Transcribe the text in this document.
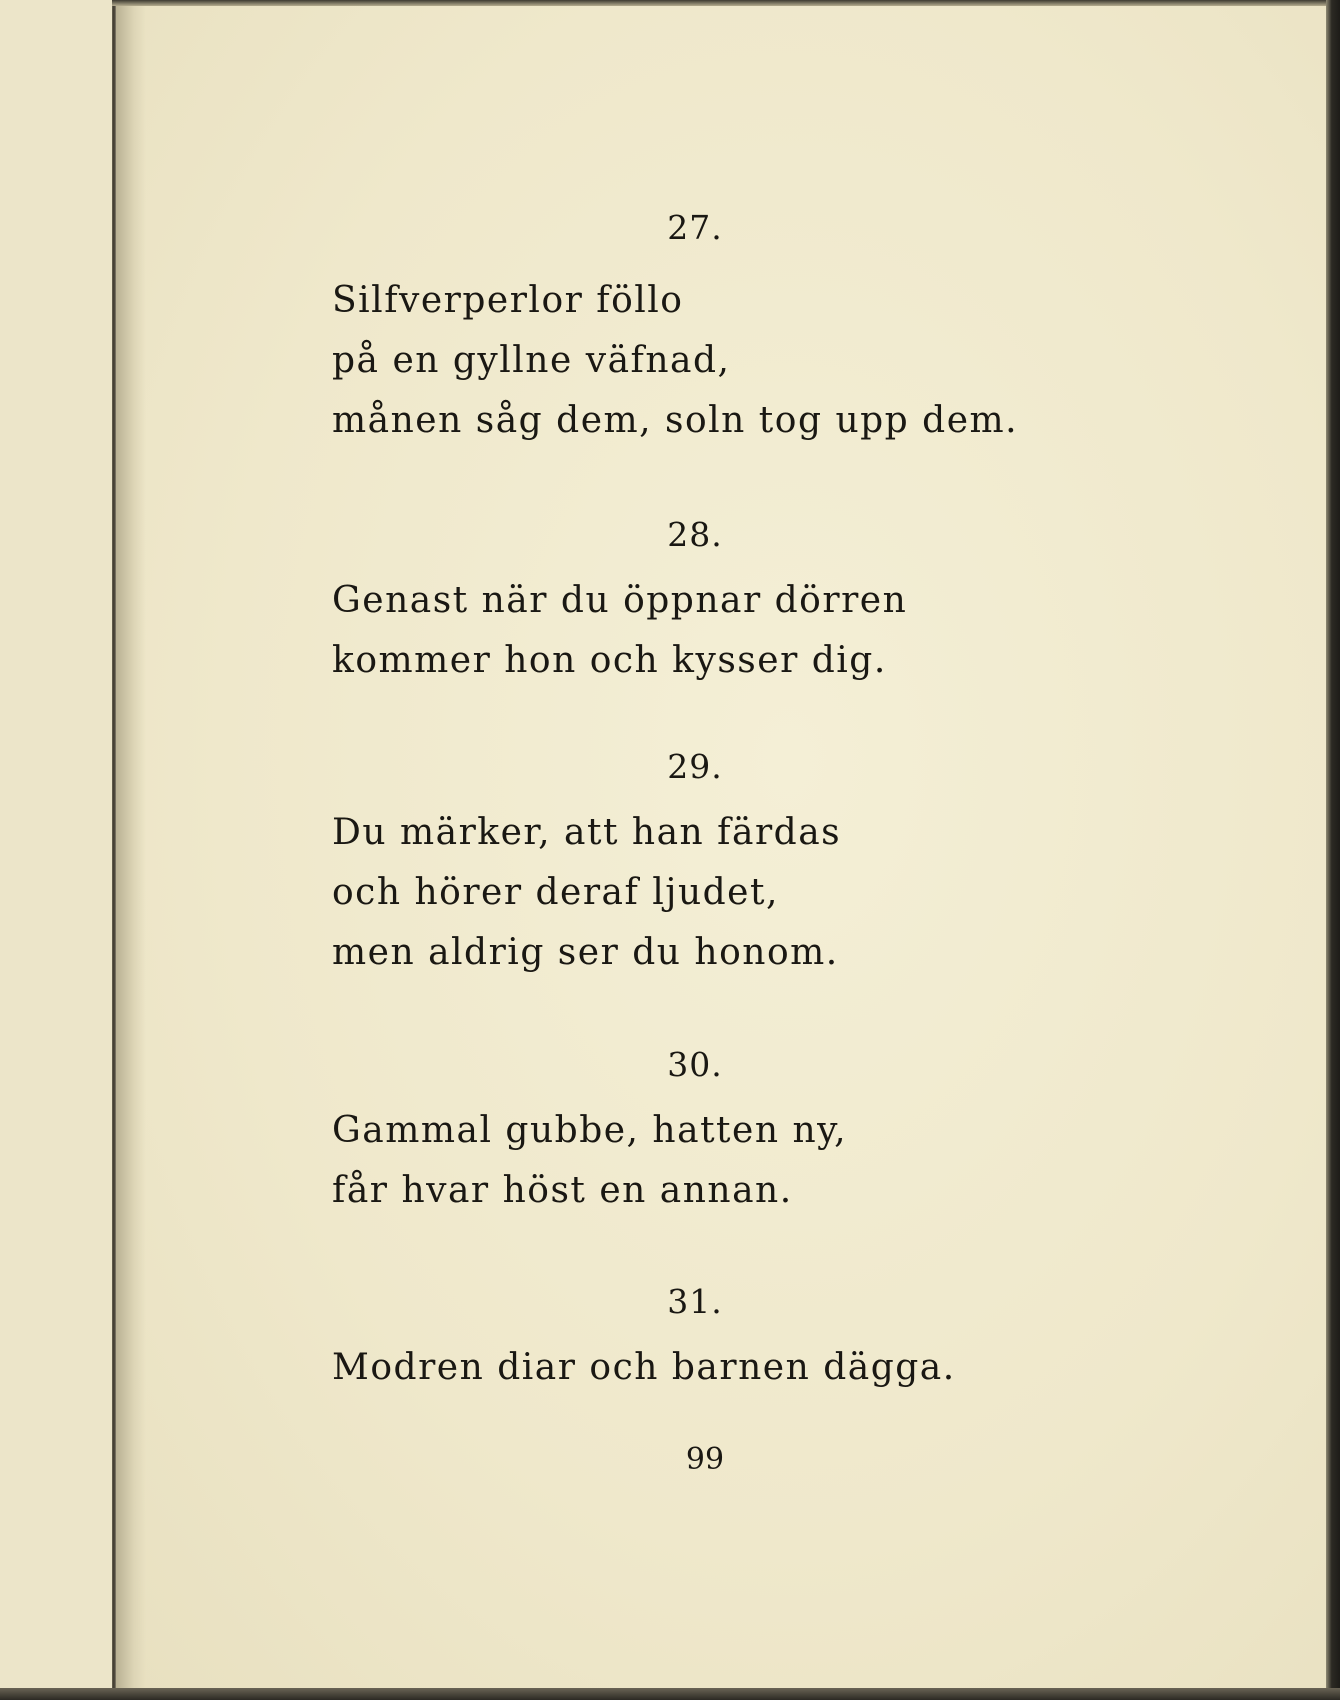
27.
Silfverperlor föllo
på en gyllne väfnad,
månen såg dem, soln tog upp dem.
28.
Genast när du öppnar dörren
kommer hon och kysser dig.
29.
Du märker, att han färdas
och hörer deraf ljudet,
men aldrig ser du honom.
30.
Gammal gubbe, hatten ny,
får hvar höst en annan.
31.
Modren diar och barnen dägga.
99
